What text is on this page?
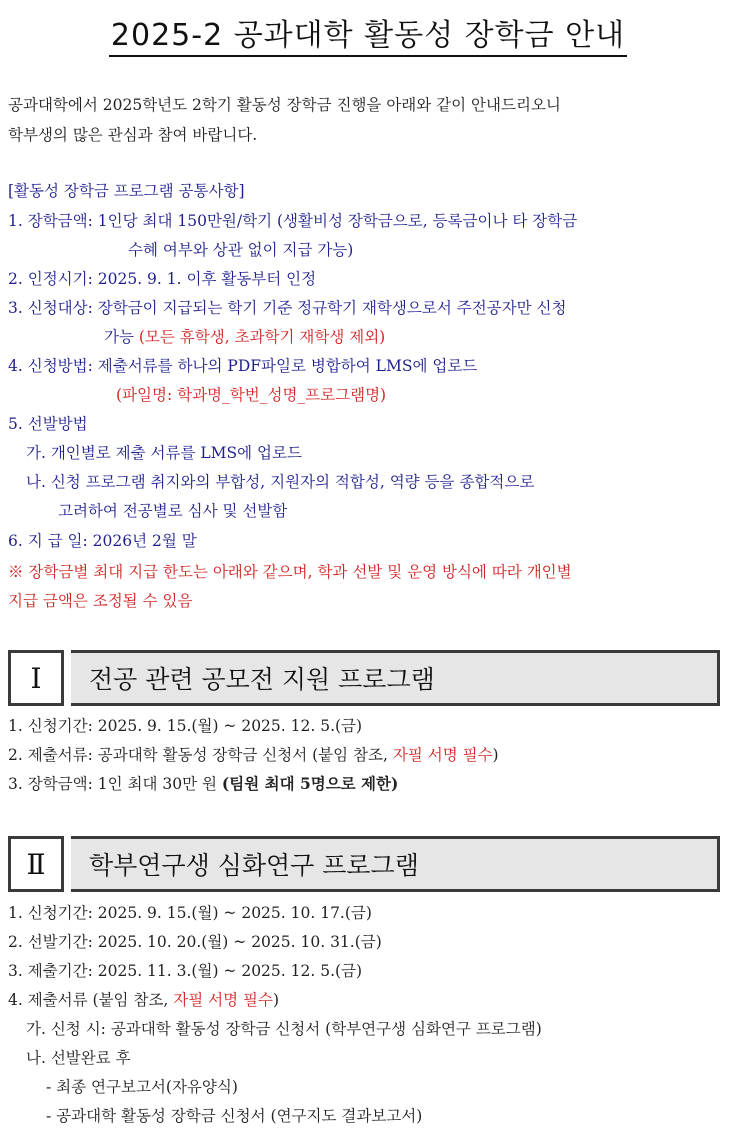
2025-2 공과대학 활동성 장학금 안내
공과대학에서 2025학년도 2학기 활동성 장학금 진행을 아래와 같이 안내드리오니
학부생의 많은 관심과 참여 바랍니다.
[활동성 장학금 프로그램 공통사항]
1. 장학금액: 1인당 최대 150만원/학기 (생활비성 장학금으로, 등록금이나 타 장학금
수혜 여부와 상관 없이 지급 가능)
2. 인정시기: 2025. 9. 1. 이후 활동부터 인정
3. 신청대상: 장학금이 지급되는 학기 기준 정규학기 재학생으로서 주전공자만 신청
가능 (모든 휴학생, 초과학기 재학생 제외)
4. 신청방법: 제출서류를 하나의 PDF파일로 병합하여 LMS에 업로드
(파일명: 학과명_학번_성명_프로그램명)
5. 선발방법
가. 개인별로 제출 서류를 LMS에 업로드
나. 신청 프로그램 취지와의 부합성, 지원자의 적합성, 역량 등을 종합적으로
고려하여 전공별로 심사 및 선발함
6. 지 급 일: 2026년 2월 말
※ 장학금별 최대 지급 한도는 아래와 같으며, 학과 선발 및 운영 방식에 따라 개인별
지급 금액은 조정될 수 있음
Ⅰ	전공 관련 공모전 지원 프로그램
1. 신청기간: 2025. 9. 15.(월) ~ 2025. 12. 5.(금)
2. 제출서류: 공과대학 활동성 장학금 신청서 (붙임 참조, 자필 서명 필수)
3. 장학금액: 1인 최대 30만 원 (팀원 최대 5명으로 제한)
Ⅱ	학부연구생 심화연구 프로그램
1. 신청기간: 2025. 9. 15.(월) ~ 2025. 10. 17.(금)
2. 선발기간: 2025. 10. 20.(월) ~ 2025. 10. 31.(금)
3. 제출기간: 2025. 11. 3.(월) ~ 2025. 12. 5.(금)
4. 제출서류 (붙임 참조, 자필 서명 필수)
가. 신청 시: 공과대학 활동성 장학금 신청서 (학부연구생 심화연구 프로그램)
나. 선발완료 후
- 최종 연구보고서(자유양식)
- 공과대학 활동성 장학금 신청서 (연구지도 결과보고서)
